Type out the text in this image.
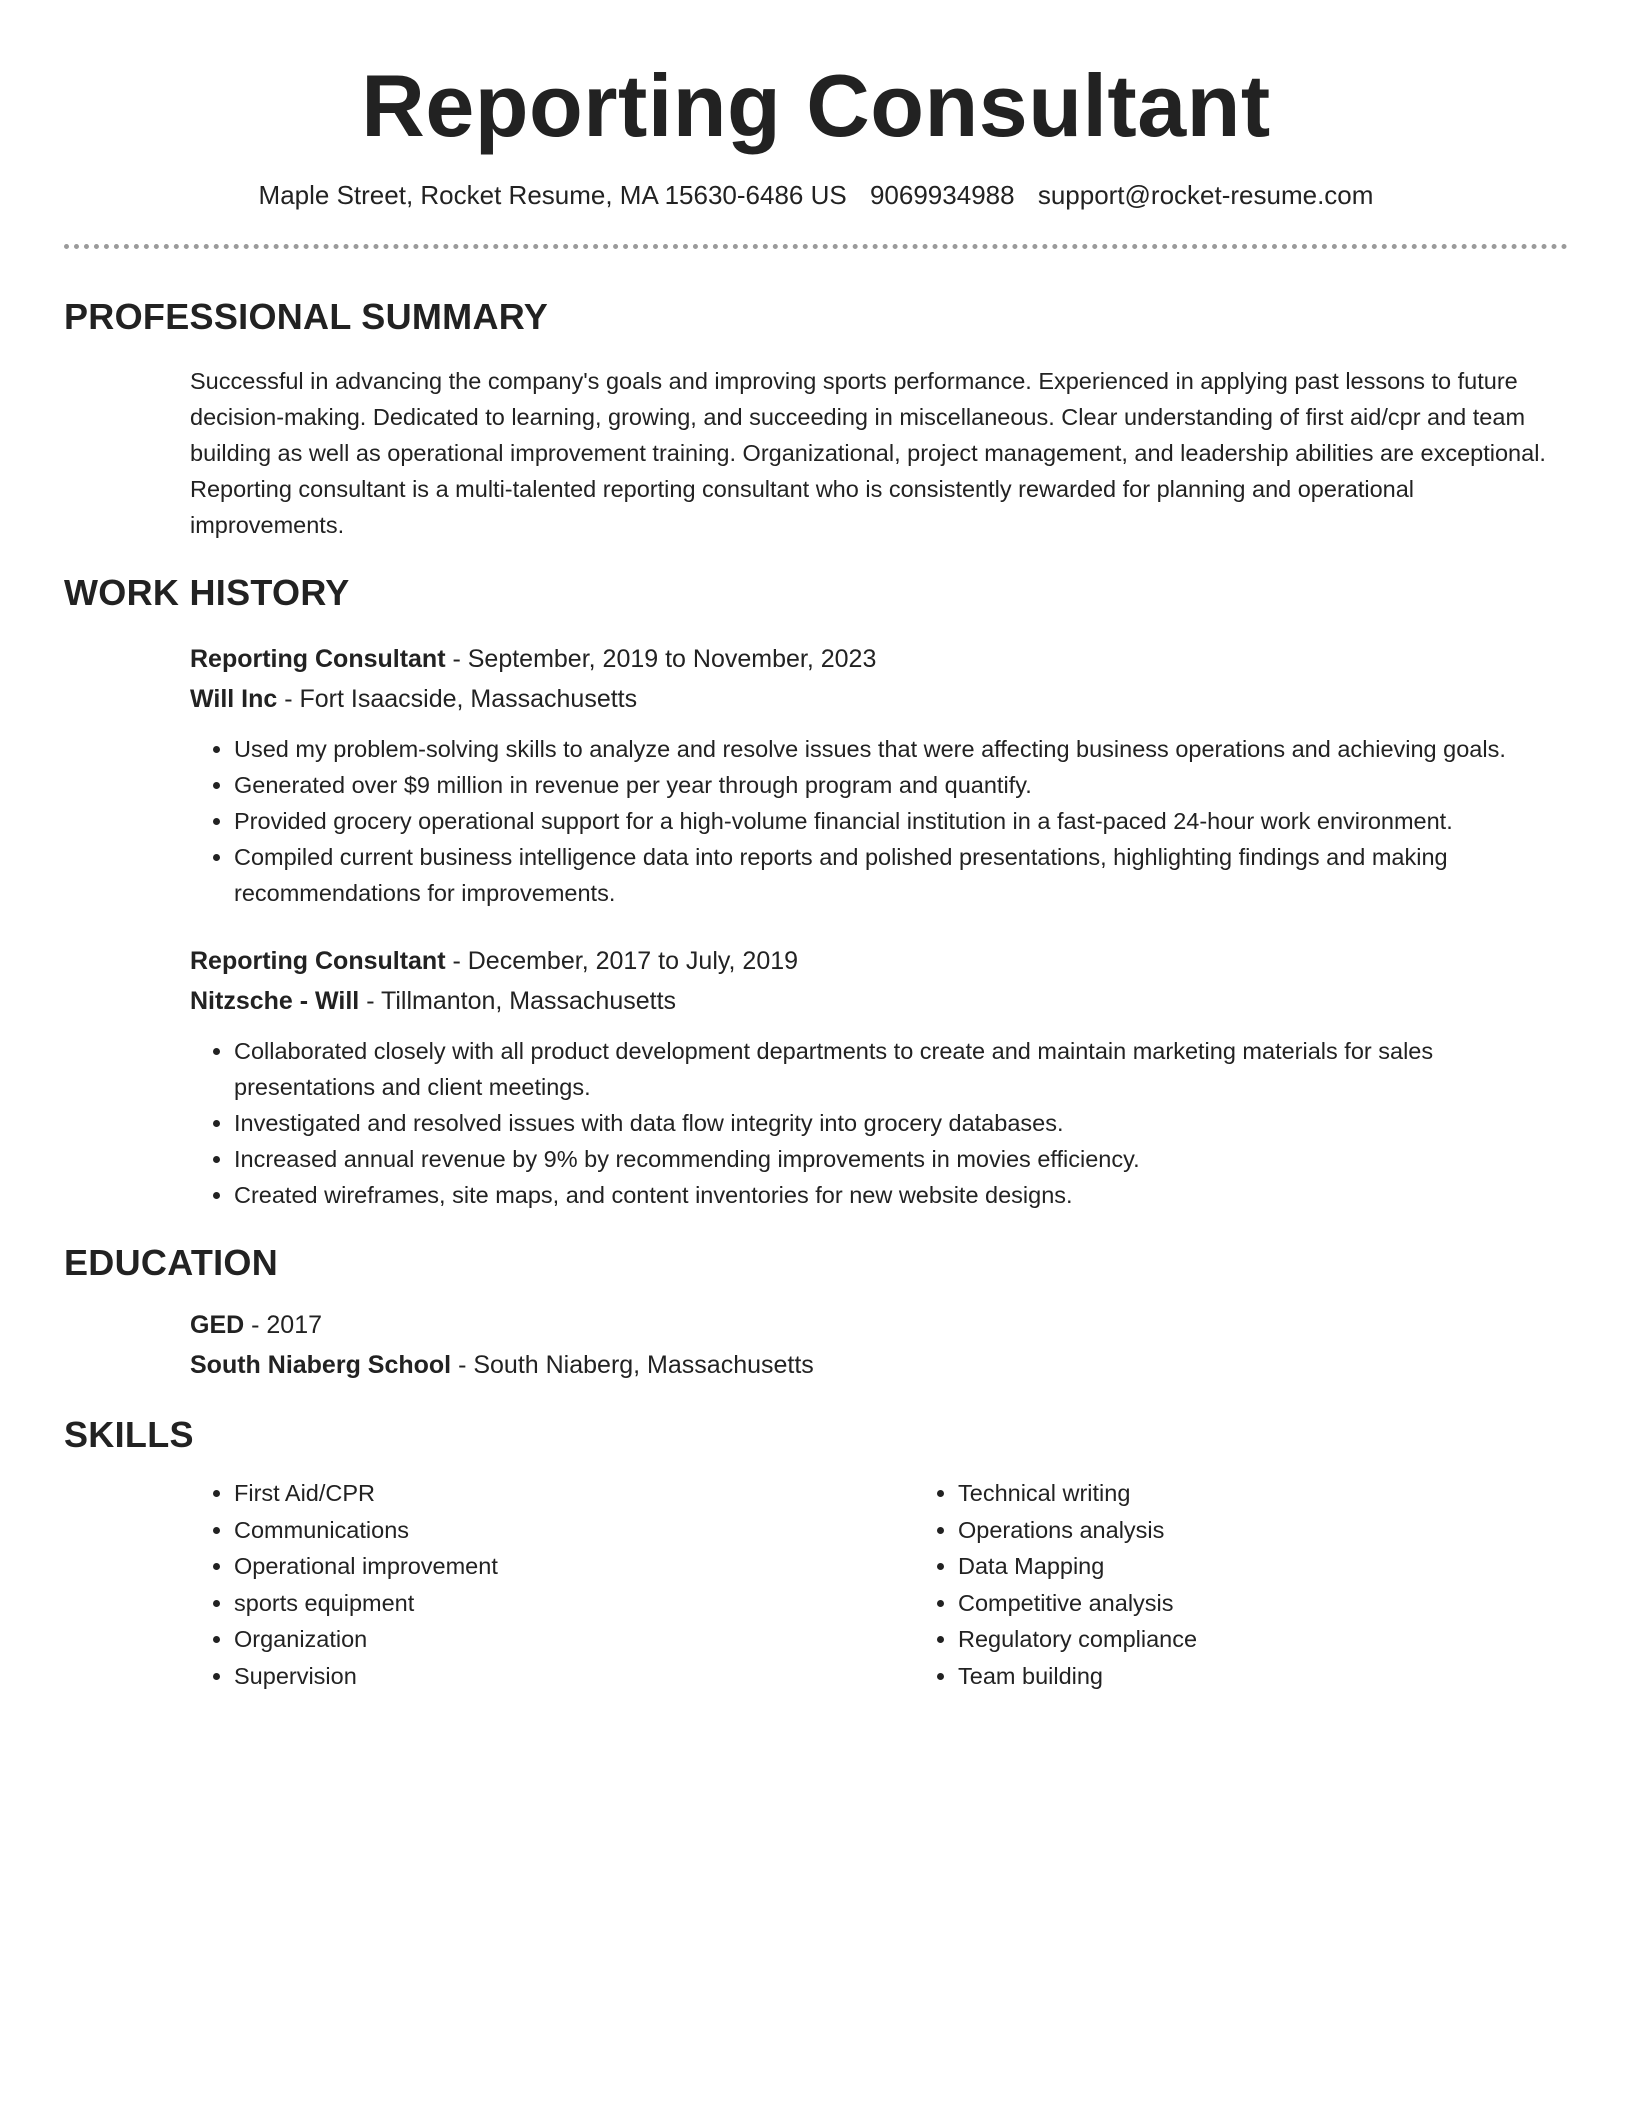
Reporting Consultant
Maple Street, Rocket Resume, MA 15630-6486 US 9069934988 support@rocket-resume.com
PROFESSIONAL SUMMARY

Successful in advancing the company's goals and improving sports performance. Experienced in applying past lessons to future decision-making. Dedicated to learning, growing, and succeeding in miscellaneous. Clear understanding of first aid/cpr and team building as well as operational improvement training. Organizational, project management, and leadership abilities are exceptional. Reporting consultant is a multi-talented reporting consultant who is consistently rewarded for planning and operational improvements.

WORK HISTORY

Reporting Consultant - September, 2019 to November, 2023

Will Inc - Fort Isaacside, Massachusetts

• Used my problem-solving skills to analyze and resolve issues that were affecting business operations and achieving goals.
• Generated over $9 million in revenue per year through program and quantify.
• Provided grocery operational support for a high-volume financial institution in a fast-paced 24-hour work environment.
• Compiled current business intelligence data into reports and polished presentations, highlighting findings and making recommendations for improvements.

Reporting Consultant - December, 2017 to July, 2019

Nitzsche - Will - Tillmanton, Massachusetts

• Collaborated closely with all product development departments to create and maintain marketing materials for sales presentations and client meetings.
• Investigated and resolved issues with data flow integrity into grocery databases.
• Increased annual revenue by 9% by recommending improvements in movies efficiency.
• Created wireframes, site maps, and content inventories for new website designs.
EDUCATION

GED - 2017

South Niaberg School - South Niaberg, Massachusetts

SKILLS
• First Aid/CPR
• Communications
• Operational improvement
• sports equipment
• Organization
• Supervision
• Technical writing
• Operations analysis
• Data Mapping
• Competitive analysis
• Regulatory compliance
• Team building
